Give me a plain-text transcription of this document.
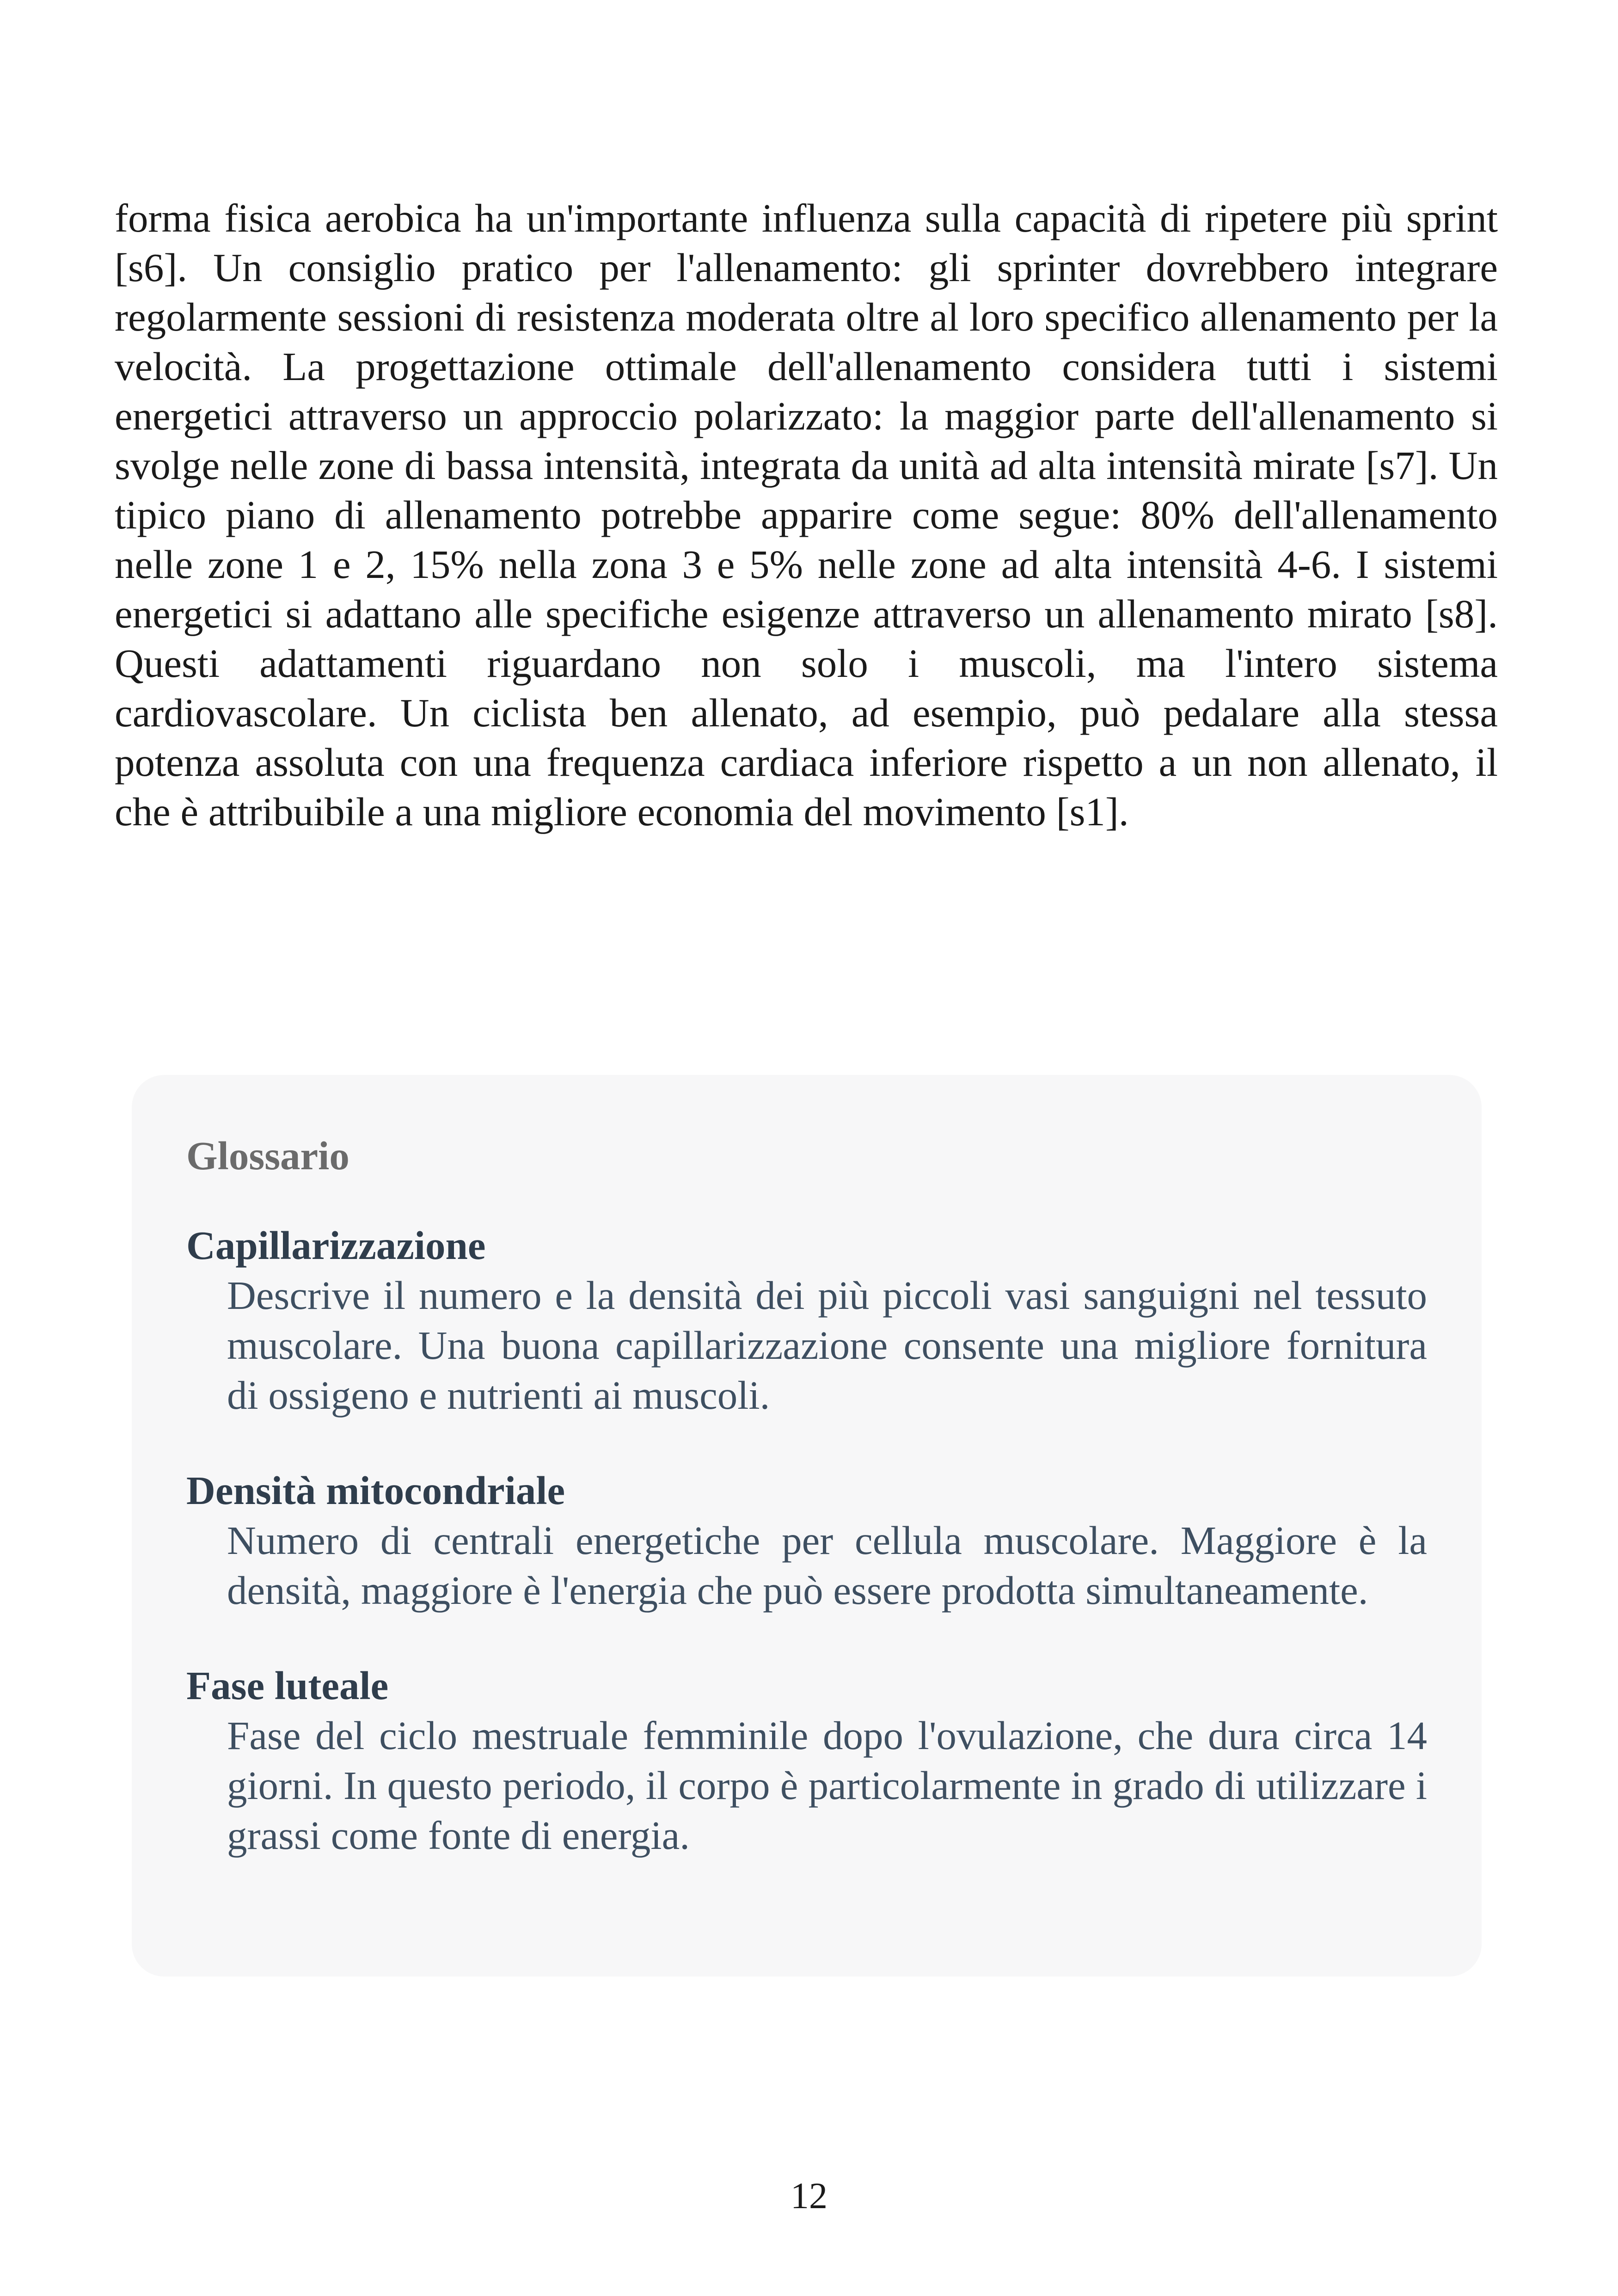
forma fisica aerobica ha un'importante influenza sulla capacità di ripetere più sprint [s6]. Un consiglio pratico per l'allenamento: gli sprinter dovrebbero integrare regolarmente sessioni di resistenza moderata oltre al loro specifico allenamento per la velocità. La progettazione ottimale dell'allenamento considera tutti i sistemi energetici attraverso un approccio polarizzato: la maggior parte dell'allenamento si svolge nelle zone di bassa intensità, integrata da unità ad alta intensità mirate [s7]. Un tipico piano di allenamento potrebbe apparire come segue: 80% dell'allenamento nelle zone 1 e 2, 15% nella zona 3 e 5% nelle zone ad alta intensità 4-6. I sistemi energetici si adattano alle specifiche esigenze attraverso un allenamento mirato [s8]. Questi adattamenti riguardano non solo i muscoli, ma l'intero sistema cardiovascolare. Un ciclista ben allenato, ad esempio, può pedalare alla stessa potenza assoluta con una frequenza cardiaca inferiore rispetto a un non allenato, il che è attribuibile a una migliore economia del movimento [s1].

Glossario
Capillarizzazione
Descrive il numero e la densità dei più piccoli vasi sanguigni nel tessuto muscolare. Una buona capillarizzazione consente una migliore fornitura di ossigeno e nutrienti ai muscoli.
Densità mitocondriale
Numero di centrali energetiche per cellula muscolare. Maggiore è la densità, maggiore è l'energia che può essere prodotta simultaneamente.
Fase luteale
Fase del ciclo mestruale femminile dopo l'ovulazione, che dura circa 14 giorni. In questo periodo, il corpo è particolarmente in grado di utilizzare i grassi come fonte di energia.
12
